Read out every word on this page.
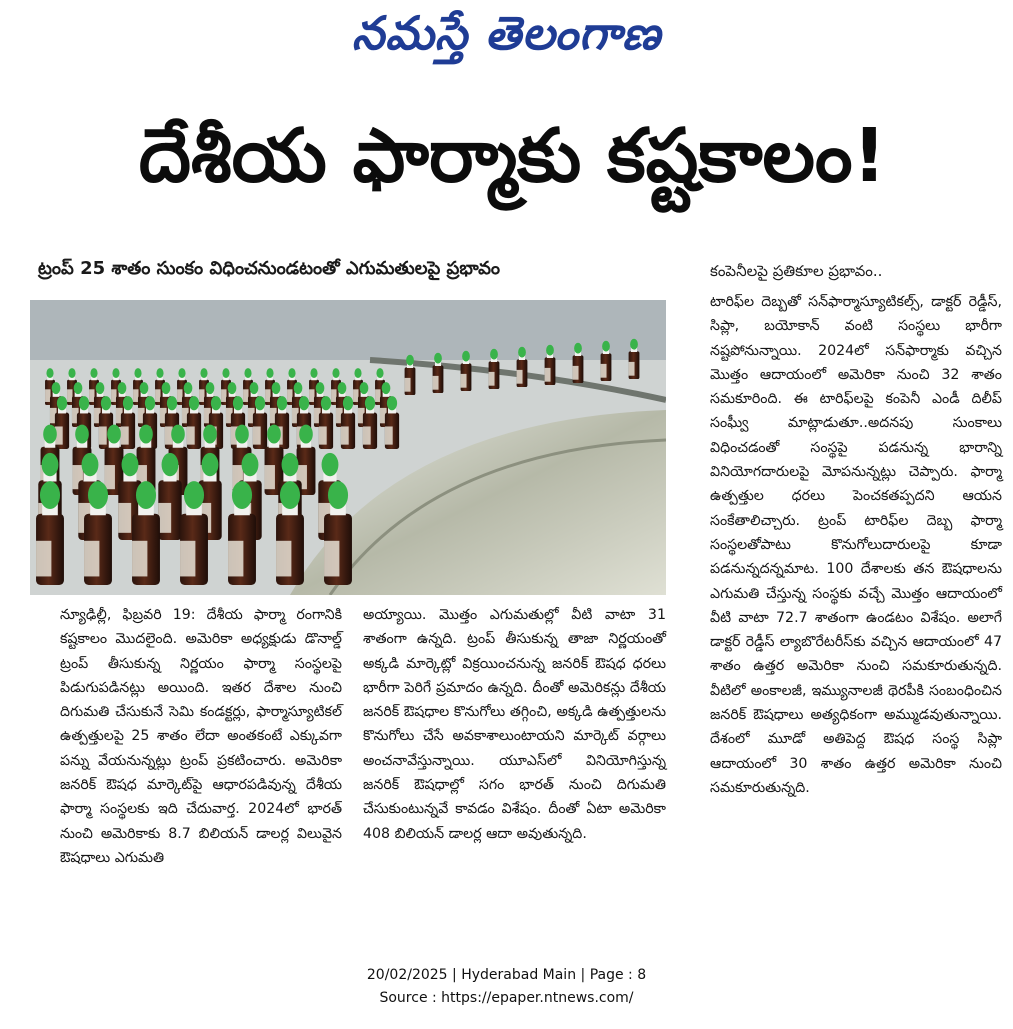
నమస్తే తెలంగాణ
దేశీయ ఫార్మాకు కష్టకాలం!
ట్రంప్ 25 శాతం సుంకం విధించనుండటంతో ఎగుమతులపై ప్రభావం	కంపెనీలపై ప్రతికూల ప్రభావం..

న్యూఢిల్లీ, ఫిబ్రవరి 19: దేశీయ ఫార్మా రంగానికి కష్టకాలం మొదలైంది. అమెరికా అధ్యక్షుడు డొనాల్డ్ ట్రంప్ తీసుకున్న నిర్ణయం ఫార్మా సంస్థలపై పిడుగుపడినట్లు అయింది. ఇతర దేశాల నుంచి దిగుమతి చేసుకునే సెమి కండక్టర్లు, ఫార్మాస్యూటికల్ ఉత్పత్తులపై 25 శాతం లేదా అంతకంటే ఎక్కువగా పన్ను వేయనున్నట్లు ట్రంప్ ప్రకటించారు. అమెరికా జనరిక్ ఔషధ మార్కెట్‌పై ఆధారపడివున్న దేశీయ ఫార్మా సంస్థలకు ఇది చేదువార్త. 2024లో భారత్ నుంచి అమెరికాకు 8.7 బిలియన్ డాలర్ల విలువైన ఔషధాలు ఎగుమతి

అయ్యాయి. మొత్తం ఎగుమతుల్లో వీటి వాటా 31 శాతంగా ఉన్నది. ట్రంప్ తీసుకున్న తాజా నిర్ణయంతో అక్కడి మార్కెట్లో విక్రయించనున్న జనరిక్ ఔషధ ధరలు భారీగా పెరిగే ప్రమాదం ఉన్నది. దీంతో అమెరికన్లు దేశీయ జనరిక్ ఔషధాల కొనుగోలు తగ్గించి, అక్కడి ఉత్పత్తులను కొనుగోలు చేసే అవకాశాలుంటాయని మార్కెట్ వర్గాలు అంచనావేస్తున్నాయి. యూఎస్‌లో వినియోగిస్తున్న జనరిక్ ఔషధాల్లో సగం భారత్ నుంచి దిగుమతి చేసుకుంటున్నవే కావడం విశేషం. దీంతో ఏటా అమెరికా 408 బిలియన్ డాలర్ల ఆదా అవుతున్నది.

టారిఫ్‌ల దెబ్బతో సన్‌ఫార్మాస్యూటికల్స్, డాక్టర్ రెడ్డీస్, సిప్లా, బయోకాన్ వంటి సంస్థలు భారీగా నష్టపోనున్నాయి. 2024లో సన్‌ఫార్మాకు వచ్చిన మొత్తం ఆదాయంలో అమెరికా నుంచి 32 శాతం సమకూరింది. ఈ టారిఫ్‌లపై కంపెనీ ఎండీ దిలీప్ సంఘ్వీ మాట్లాడుతూ..అదనపు సుంకాలు విధించడంతో సంస్థపై పడనున్న భారాన్ని వినియోగదారులపై మోపనున్నట్లు చెప్పారు. ఫార్మా ఉత్పత్తుల ధరలు పెంచకతప్పదని ఆయన సంకేతాలిచ్చారు. ట్రంప్ టారిఫ్‌ల దెబ్బ ఫార్మా సంస్థలతోపాటు కొనుగోలుదారులపై కూడా పడనున్నదన్నమాట. 100 దేశాలకు తన ఔషధాలను ఎగుమతి చేస్తున్న సంస్థకు వచ్చే మొత్తం ఆదాయంలో వీటి వాటా 72.7 శాతంగా ఉండటం విశేషం. అలాగే డాక్టర్ రెడ్డీస్ ల్యాబొరేటరీస్‌కు వచ్చిన ఆదాయంలో 47 శాతం ఉత్తర అమెరికా నుంచి సమకూరుతున్నది. వీటిలో అంకాలజీ, ఇమ్యునాలజీ థెరపీకి సంబంధించిన జనరిక్ ఔషధాలు అత్యధికంగా అమ్ముడవుతున్నాయి. దేశంలో మూడో అతిపెద్ద ఔషధ సంస్థ సిప్లా ఆదాయంలో 30 శాతం ఉత్తర అమెరికా నుంచి సమకూరుతున్నది.

20/02/2025 | Hyderabad Main | Page : 8
Source : https://epaper.ntnews.com/
